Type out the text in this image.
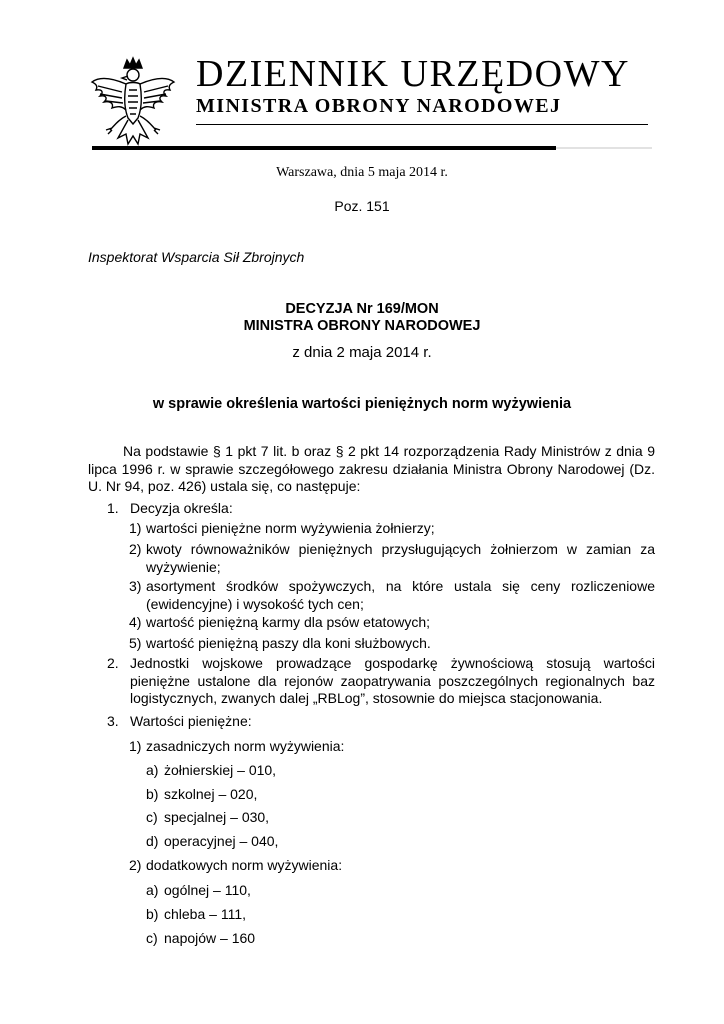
DZIENNIK URZĘDOWY
MINISTRA OBRONY NARODOWEJ
Warszawa, dnia 5 maja 2014 r.
Poz. 151
Inspektorat Wsparcia Sił Zbrojnych
DECYZJA Nr 169/MON
MINISTRA OBRONY NARODOWEJ
z dnia 2 maja 2014 r.
w sprawie określenia wartości pieniężnych norm wyżywienia
Na podstawie § 1 pkt 7 lit. b oraz § 2 pkt 14 rozporządzenia Rady Ministrów z dnia 9 lipca 1996 r. w sprawie szczegółowego zakresu działania Ministra Obrony Narodowej (Dz. U. Nr 94, poz. 426) ustala się, co następuje:
1. Decyzja określa:
1) wartości pieniężne norm wyżywienia żołnierzy;
2) kwoty równoważników pieniężnych przysługujących żołnierzom w zamian za wyżywienie;
3) asortyment środków spożywczych, na które ustala się ceny rozliczeniowe (ewidencyjne) i wysokość tych cen;
4) wartość pieniężną karmy dla psów etatowych;
5) wartość pieniężną paszy dla koni służbowych.
2. Jednostki wojskowe prowadzące gospodarkę żywnościową stosują wartości pieniężne ustalone dla rejonów zaopatrywania poszczególnych regionalnych baz logistycznych, zwanych dalej „RBLog”, stosownie do miejsca stacjonowania.
3. Wartości pieniężne:
1) zasadniczych norm wyżywienia:
a) żołnierskiej – 010,
b) szkolnej – 020,
c) specjalnej – 030,
d) operacyjnej – 040,
2) dodatkowych norm wyżywienia:
a) ogólnej – 110,
b) chleba – 111,
c) napojów – 160
